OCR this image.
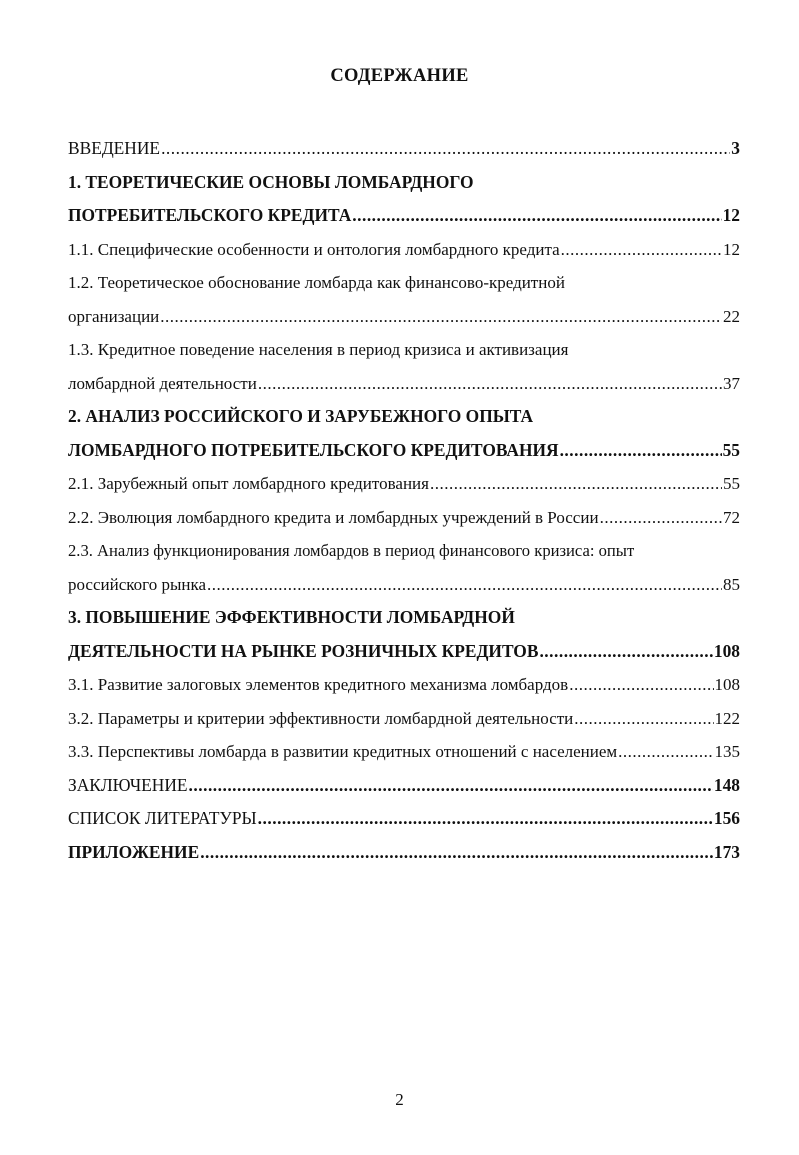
СОДЕРЖАНИЕ
ВВЕДЕНИЕ .....	3
1. ТЕОРЕТИЧЕСКИЕ ОСНОВЫ ЛОМБАРДНОГО
ПОТРЕБИТЕЛЬСКОГО КРЕДИТА .....	12
1.1. Специфические особенности и онтология ломбардного кредита .....	12
1.2. Теоретическое обоснование ломбарда как финансово-кредитной
организации .....	22
1.3. Кредитное поведение населения в период кризиса и активизация
ломбардной деятельности .....	37
2. АНАЛИЗ РОССИЙСКОГО И ЗАРУБЕЖНОГО ОПЫТА
ЛОМБАРДНОГО ПОТРЕБИТЕЛЬСКОГО КРЕДИТОВАНИЯ .....	55
2.1. Зарубежный опыт ломбардного кредитования .....	55
2.2. Эволюция ломбардного кредита и ломбардных учреждений в России .....	72
2.3. Анализ функционирования ломбардов в период финансового кризиса: опыт
российского рынка .....	85
3. ПОВЫШЕНИЕ ЭФФЕКТИВНОСТИ ЛОМБАРДНОЙ
ДЕЯТЕЛЬНОСТИ НА РЫНКЕ РОЗНИЧНЫХ КРЕДИТОВ .....	108
3.1. Развитие залоговых элементов кредитного механизма ломбардов .....	108
3.2. Параметры и критерии эффективности ломбардной деятельности .....	122
3.3. Перспективы ломбарда в развитии кредитных отношений с населением .....	135
ЗАКЛЮЧЕНИЕ .....	148
СПИСОК ЛИТЕРАТУРЫ .....	156
ПРИЛОЖЕНИЕ .....	173
2
